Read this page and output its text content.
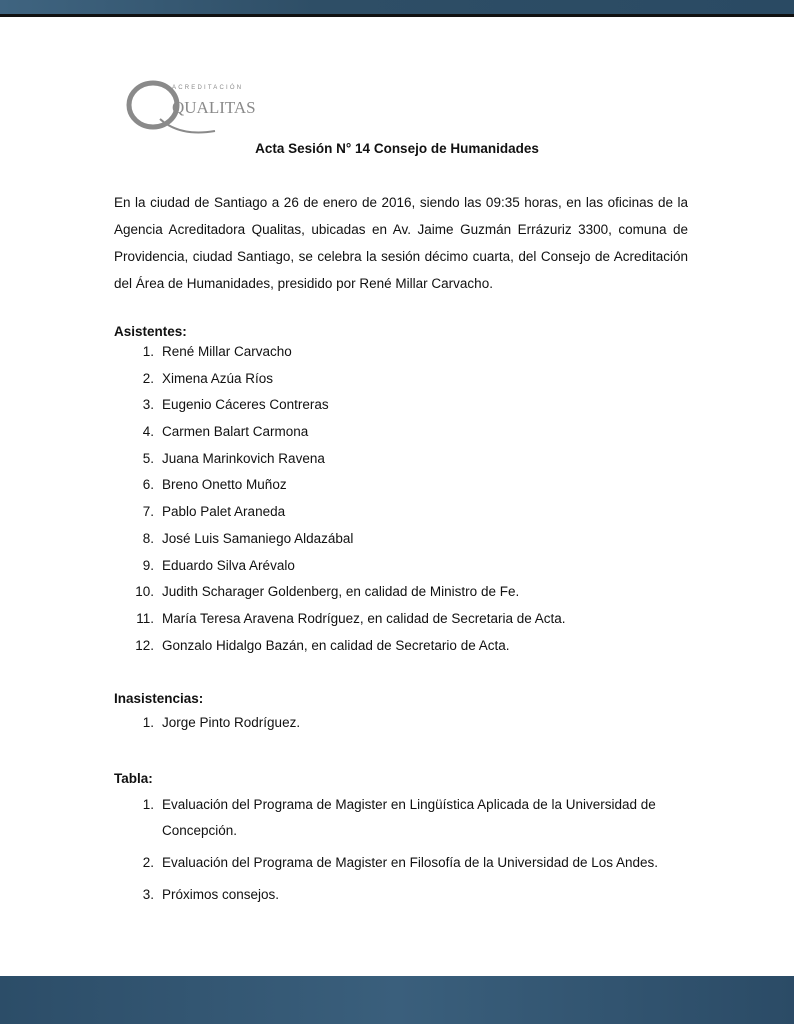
ACREDITACIÓN
QUALITAS
Acta Sesión N° 14 Consejo de Humanidades
En la ciudad de Santiago a 26 de enero de 2016, siendo las 09:35 horas, en las oficinas de la Agencia Acreditadora Qualitas, ubicadas en Av. Jaime Guzmán Errázuriz 3300, comuna de Providencia, ciudad Santiago, se celebra la sesión décimo cuarta, del Consejo de Acreditación del Área de Humanidades, presidido por René Millar Carvacho.
Asistentes:
1. René Millar Carvacho
2. Ximena Azúa Ríos
3. Eugenio Cáceres Contreras
4. Carmen Balart Carmona
5. Juana Marinkovich Ravena
6. Breno Onetto Muñoz
7. Pablo Palet Araneda
8. José Luis Samaniego Aldazábal
9. Eduardo Silva Arévalo
10. Judith Scharager Goldenberg, en calidad de Ministro de Fe.
11. María Teresa Aravena Rodríguez, en calidad de Secretaria de Acta.
12. Gonzalo Hidalgo Bazán, en calidad de Secretario de Acta.
Inasistencias:
1. Jorge Pinto Rodríguez.
Tabla:
1. Evaluación del Programa de Magister en Lingüística Aplicada de la Universidad de Concepción.
2. Evaluación del Programa de Magister en Filosofía de la Universidad de Los Andes.
3. Próximos consejos.
